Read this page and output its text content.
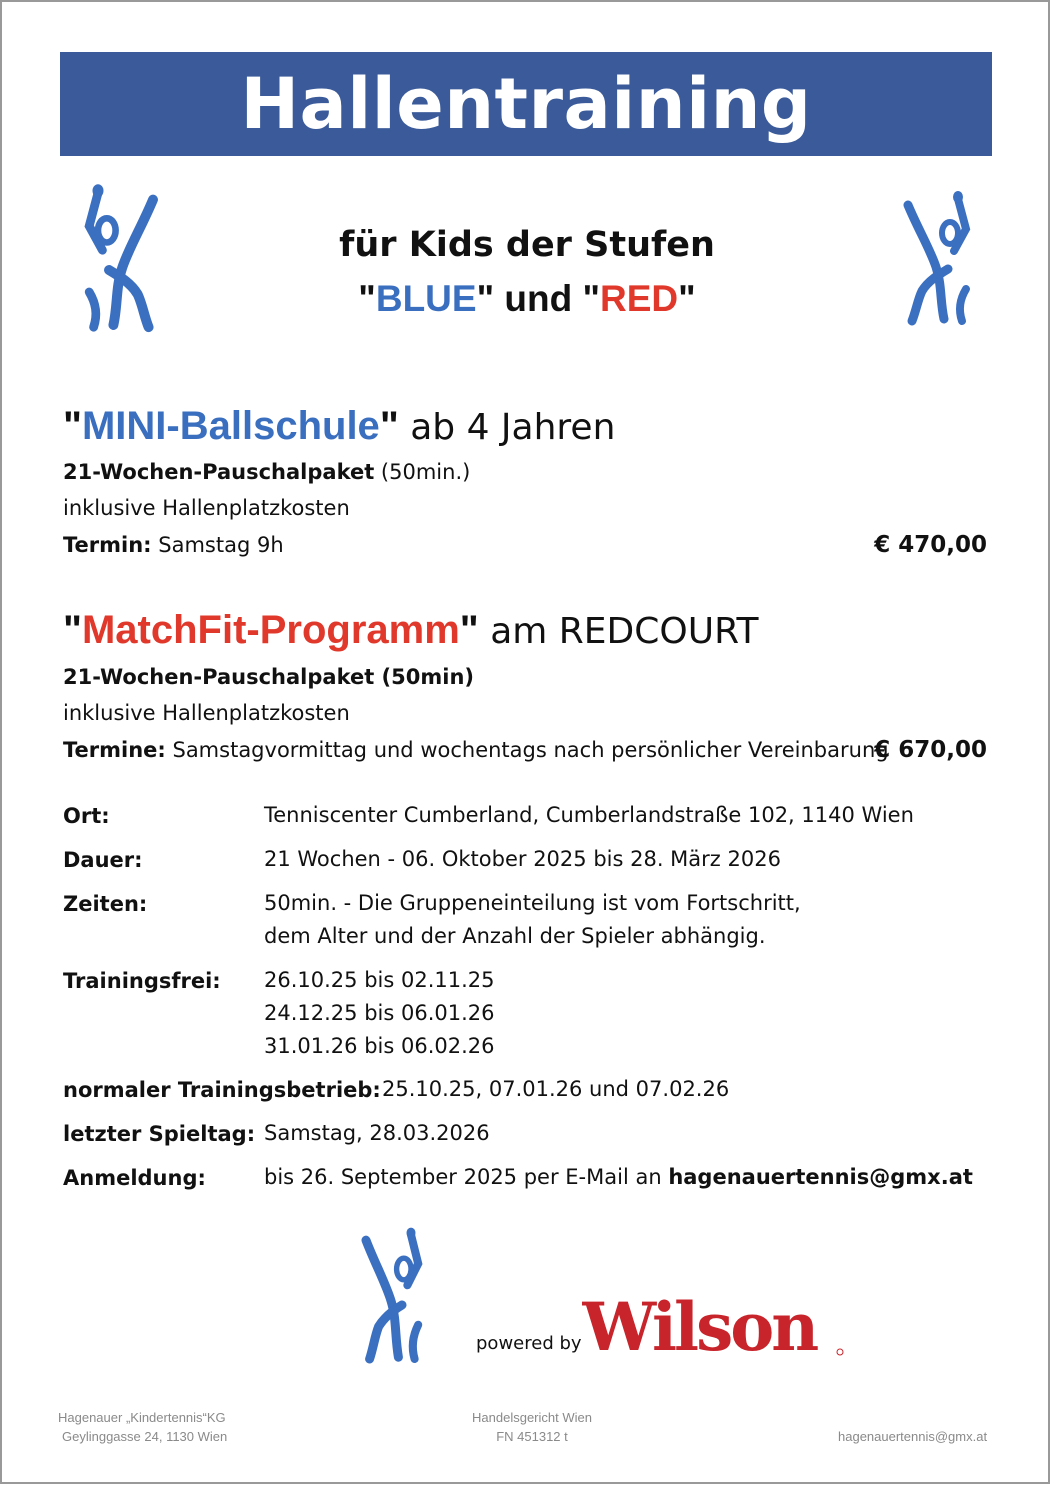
Hallentraining
für Kids der Stufen
"BLUE" und "RED"
"MINI-Ballschule" ab 4 Jahren
21-Wochen-Pauschalpaket (50min.)
inklusive Hallenplatzkosten
Termin: Samstag 9h	€ 470,00
"MatchFit-Programm" am REDCOURT
21-Wochen-Pauschalpaket (50min)
inklusive Hallenplatzkosten
Termine: Samstagvormittag und wochentags nach persönlicher Vereinbarung
€ 670,00
Ort:	Tenniscenter Cumberland, Cumberlandstraße 102, 1140 Wien
Dauer:	21 Wochen - 06. Oktober 2025 bis 28. März 2026
Zeiten:	50min. - Die Gruppeneinteilung ist vom Fortschritt,
dem Alter und der Anzahl der Spieler abhängig.
Trainingsfrei: 26.10.25 bis 02.11.25
24.12.25 bis 06.01.26
31.01.26 bis 06.02.26
normaler Trainingsbetrieb: 25.10.25, 07.01.26 und 07.02.26
letzter Spieltag: Samstag, 28.03.2026
Anmeldung:	bis 26. September 2025 per E-Mail an hagenauertennis@gmx.at
powered by Wilson
Hagenauer „Kindertennis“KG
Geylinggasse 24, 1130 Wien
Handelsgericht Wien
FN 451312 t	hagenauertennis@gmx.at
